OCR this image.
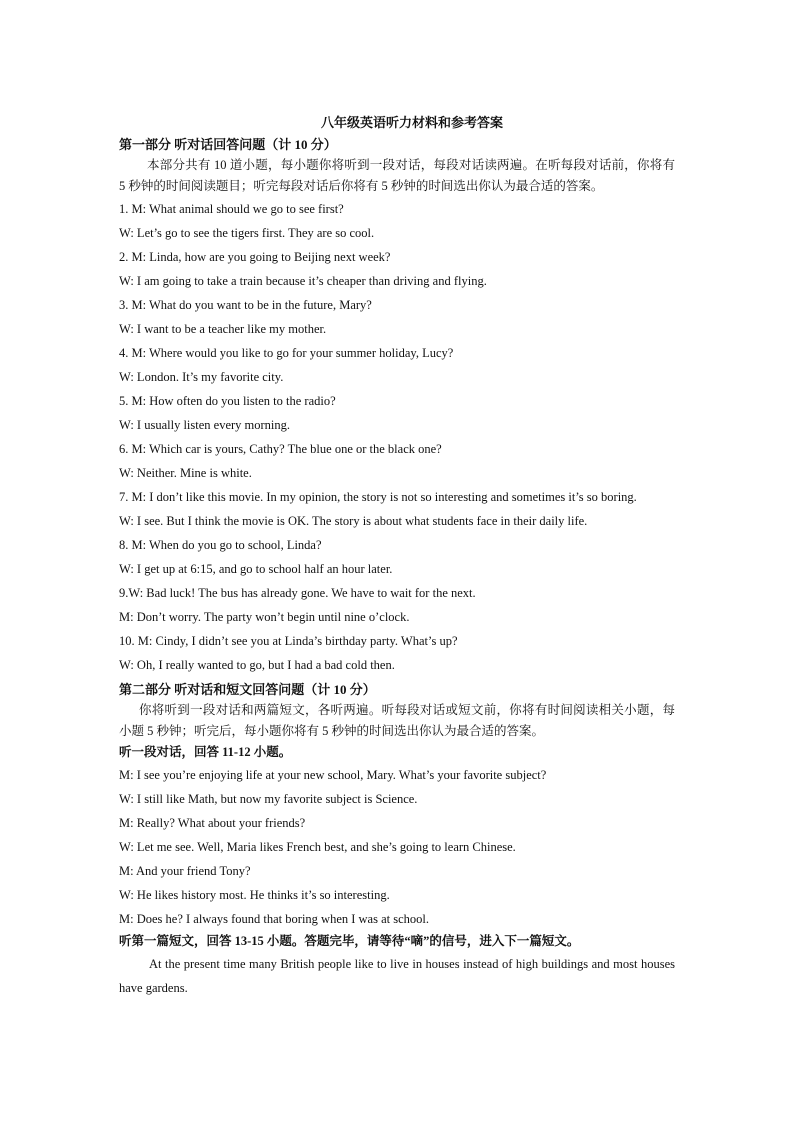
八年级英语听力材料和参考答案
第一部分 听对话回答问题（计 10 分）
本部分共有 10 道小题，每小题你将听到一段对话，每段对话读两遍。在听每段对话前，你将有 5 秒钟的时间阅读题目；听完每段对话后你将有 5 秒钟的时间选出你认为最合适的答案。
1. M: What animal should we go to see first?
W: Let’s go to see the tigers first. They are so cool.
2. M: Linda, how are you going to Beijing next week?
W: I am going to take a train because it’s cheaper than driving and flying.
3. M: What do you want to be in the future, Mary?
W: I want to be a teacher like my mother.
4. M: Where would you like to go for your summer holiday, Lucy?
W: London. It’s my favorite city.
5. M: How often do you listen to the radio?
W: I usually listen every morning.
6. M: Which car is yours, Cathy? The blue one or the black one?
W: Neither. Mine is white.
7. M: I don’t like this movie. In my opinion, the story is not so interesting and sometimes it’s so boring.
W: I see. But I think the movie is OK. The story is about what students face in their daily life.
8. M: When do you go to school, Linda?
W: I get up at 6:15, and go to school half an hour later.
9.W: Bad luck! The bus has already gone. We have to wait for the next.
M: Don’t worry. The party won’t begin until nine o’clock.
10. M: Cindy, I didn’t see you at Linda’s birthday party. What’s up?
W: Oh, I really wanted to go, but I had a bad cold then.
第二部分 听对话和短文回答问题（计 10 分）
你将听到一段对话和两篇短文，各听两遍。听每段对话或短文前，你将有时间阅读相关小题，每小题 5 秒钟；听完后，每小题你将有 5 秒钟的时间选出你认为最合适的答案。
听一段对话，回答 11-12 小题。
M: I see you’re enjoying life at your new school, Mary. What’s your favorite subject?
W: I still like Math, but now my favorite subject is Science.
M: Really? What about your friends?
W: Let me see. Well, Maria likes French best, and she’s going to learn Chinese.
M: And your friend Tony?
W: He likes history most. He thinks it’s so interesting.
M: Does he? I always found that boring when I was at school.
听第一篇短文，回答 13-15 小题。答题完毕，请等待“嘀”的信号，进入下一篇短文。
At the present time many British people like to live in houses instead of high buildings and most houses have gardens.
